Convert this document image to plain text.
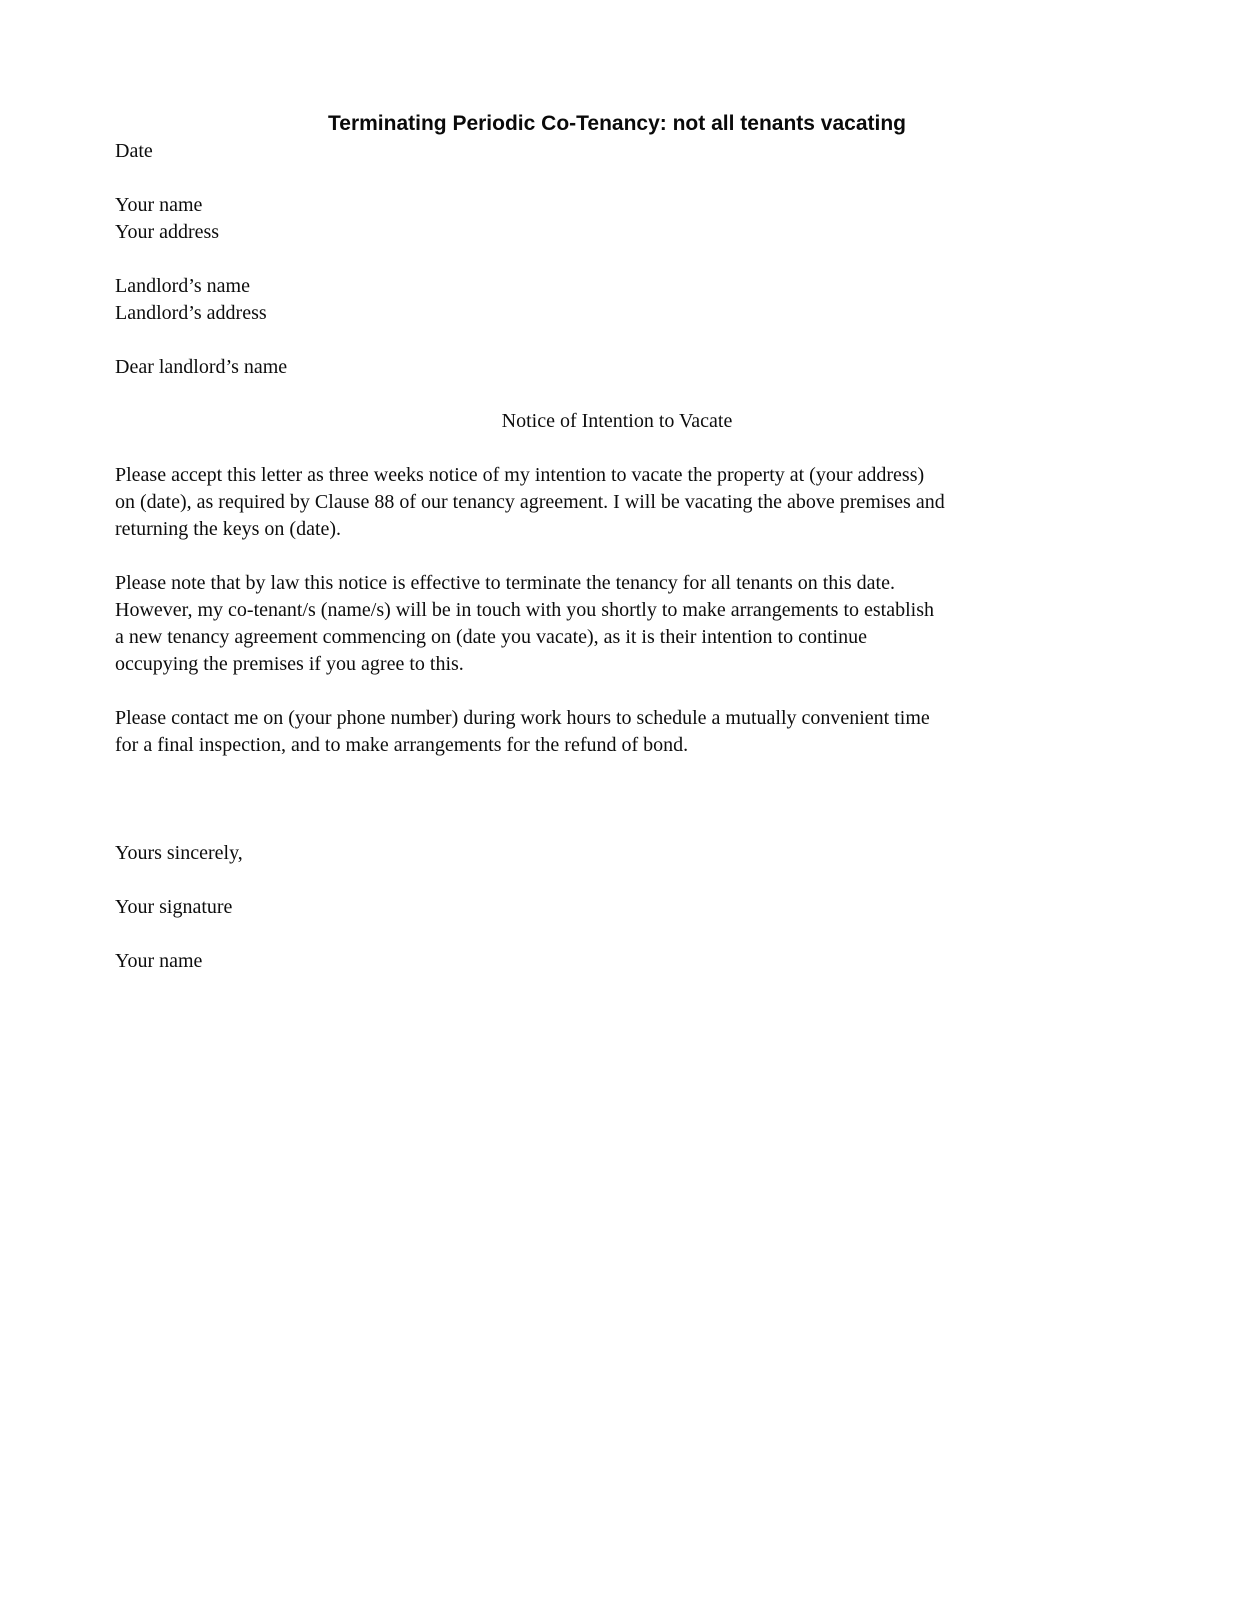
Terminating Periodic Co-Tenancy: not all tenants vacating

Date

Your name

Your address

Landlord’s name

Landlord’s address

Dear landlord’s name

Notice of Intention to Vacate

Please accept this letter as three weeks notice of my intention to vacate the property at (your address)

on (date), as required by Clause 88 of our tenancy agreement. I will be vacating the above premises and

returning the keys on (date).

Please note that by law this notice is effective to terminate the tenancy for all tenants on this date.

However, my co-tenant/s (name/s) will be in touch with you shortly to make arrangements to establish

a new tenancy agreement commencing on (date you vacate), as it is their intention to continue

occupying the premises if you agree to this.

Please contact me on (your phone number) during work hours to schedule a mutually convenient time

for a final inspection, and to make arrangements for the refund of bond.

Yours sincerely,

Your signature

Your name
